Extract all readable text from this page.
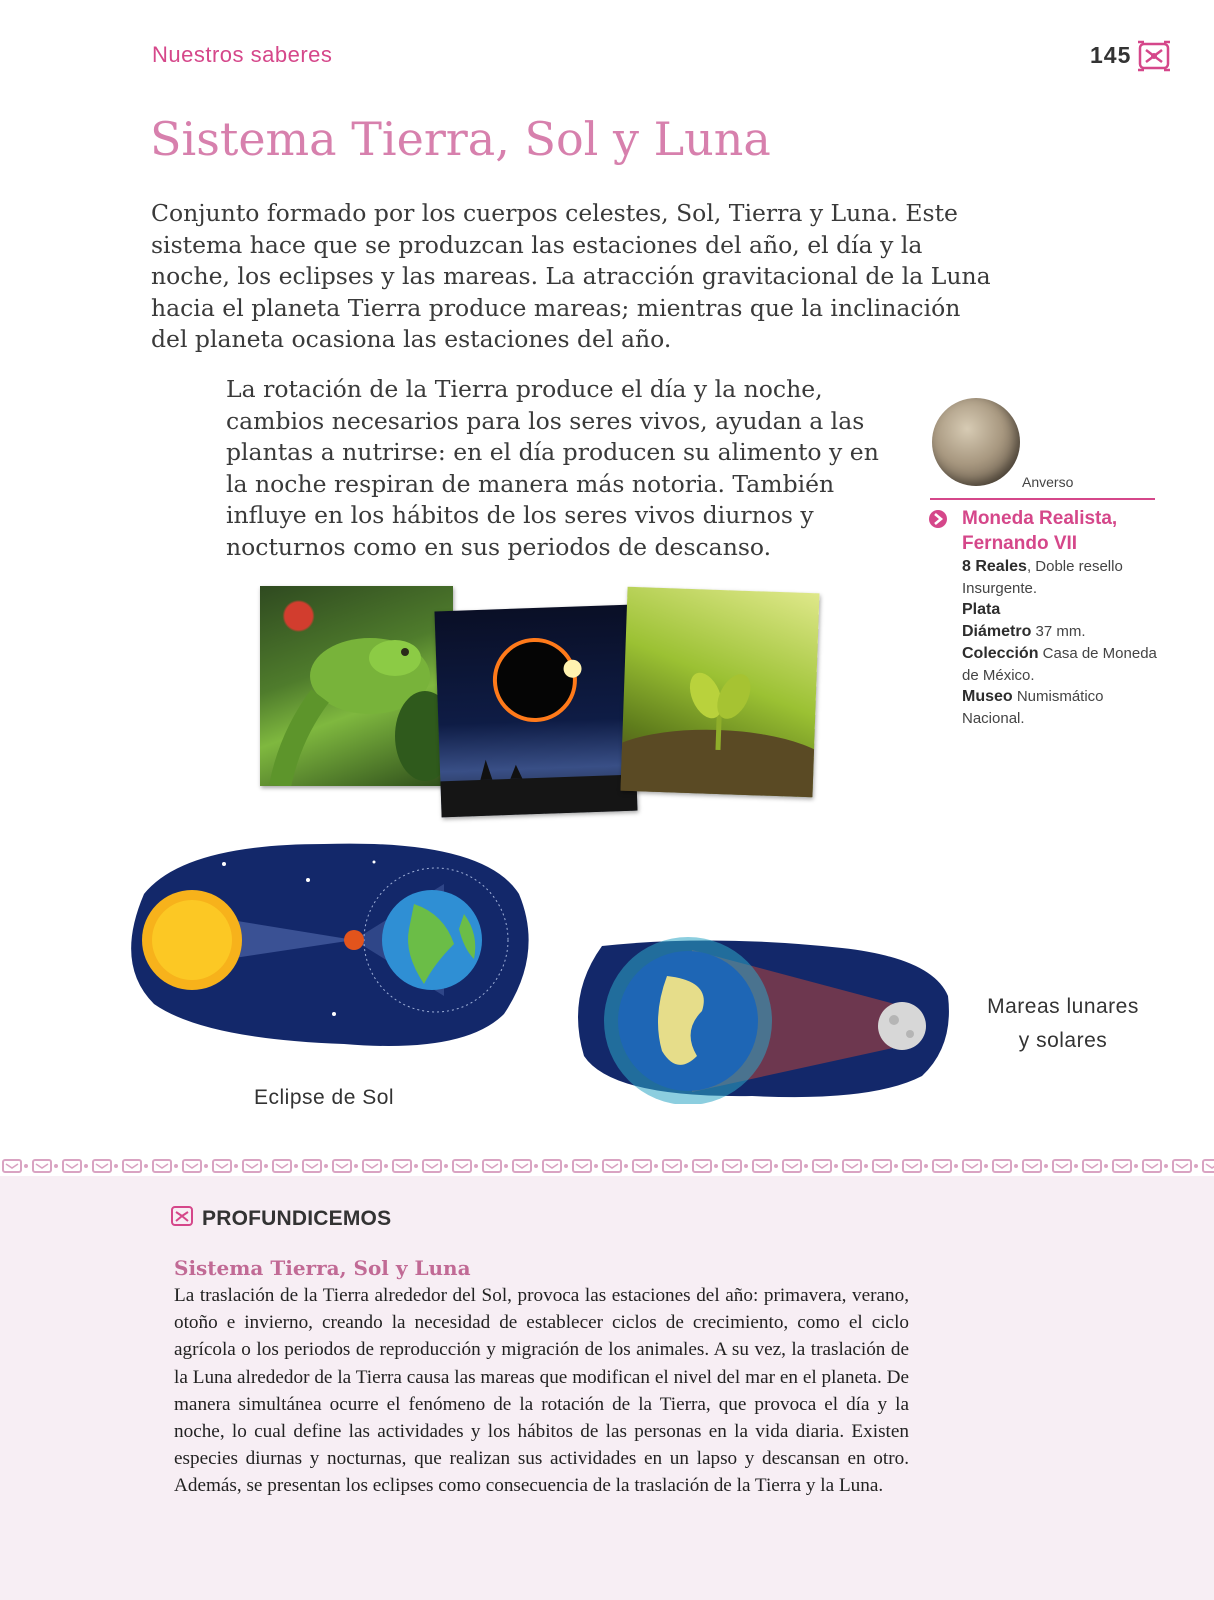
Nuestros saberes	145
Sistema Tierra, Sol y Luna

Conjunto formado por los cuerpos celestes, Sol, Tierra y Luna. Este sistema hace que se produzcan las estaciones del año, el día y la noche, los eclipses y las mareas. La atracción gravitacional de la Luna hacia el planeta Tierra produce mareas; mientras que la inclinación del planeta ocasiona las estaciones del año.

La rotación de la Tierra produce el día y la noche, cambios necesarios para los seres vivos, ayudan a las plantas a nutrirse: en el día producen su alimento y en la noche respiran de manera más notoria. También influye en los hábitos de los seres vivos diurnos y nocturnos como en sus periodos de descanso.

Anverso
Moneda Realista, Fernando VII
8 Reales, Doble resello Insurgente.
Plata
Diámetro 37 mm.
Colección Casa de Moneda de México.
Museo Numismático Nacional.
Eclipse de Sol
Mareas lunares
y solares
PROFUNDICEMOS
Sistema Tierra, Sol y Luna

La traslación de la Tierra alrededor del Sol, provoca las estaciones del año: primavera, verano, otoño e invierno, creando la necesidad de establecer ciclos de crecimiento, como el ciclo agrícola o los periodos de reproducción y migración de los animales. A su vez, la traslación de la Luna alrededor de la Tierra causa las mareas que modifican el nivel del mar en el planeta. De manera simultánea ocurre el fenómeno de la rotación de la Tierra, que provoca el día y la noche, lo cual define las actividades y los hábitos de las personas en la vida diaria. Existen especies diurnas y nocturnas, que realizan sus actividades en un lapso y descansan en otro. Además, se presentan los eclipses como consecuencia de la traslación de la Tierra y la Luna.
